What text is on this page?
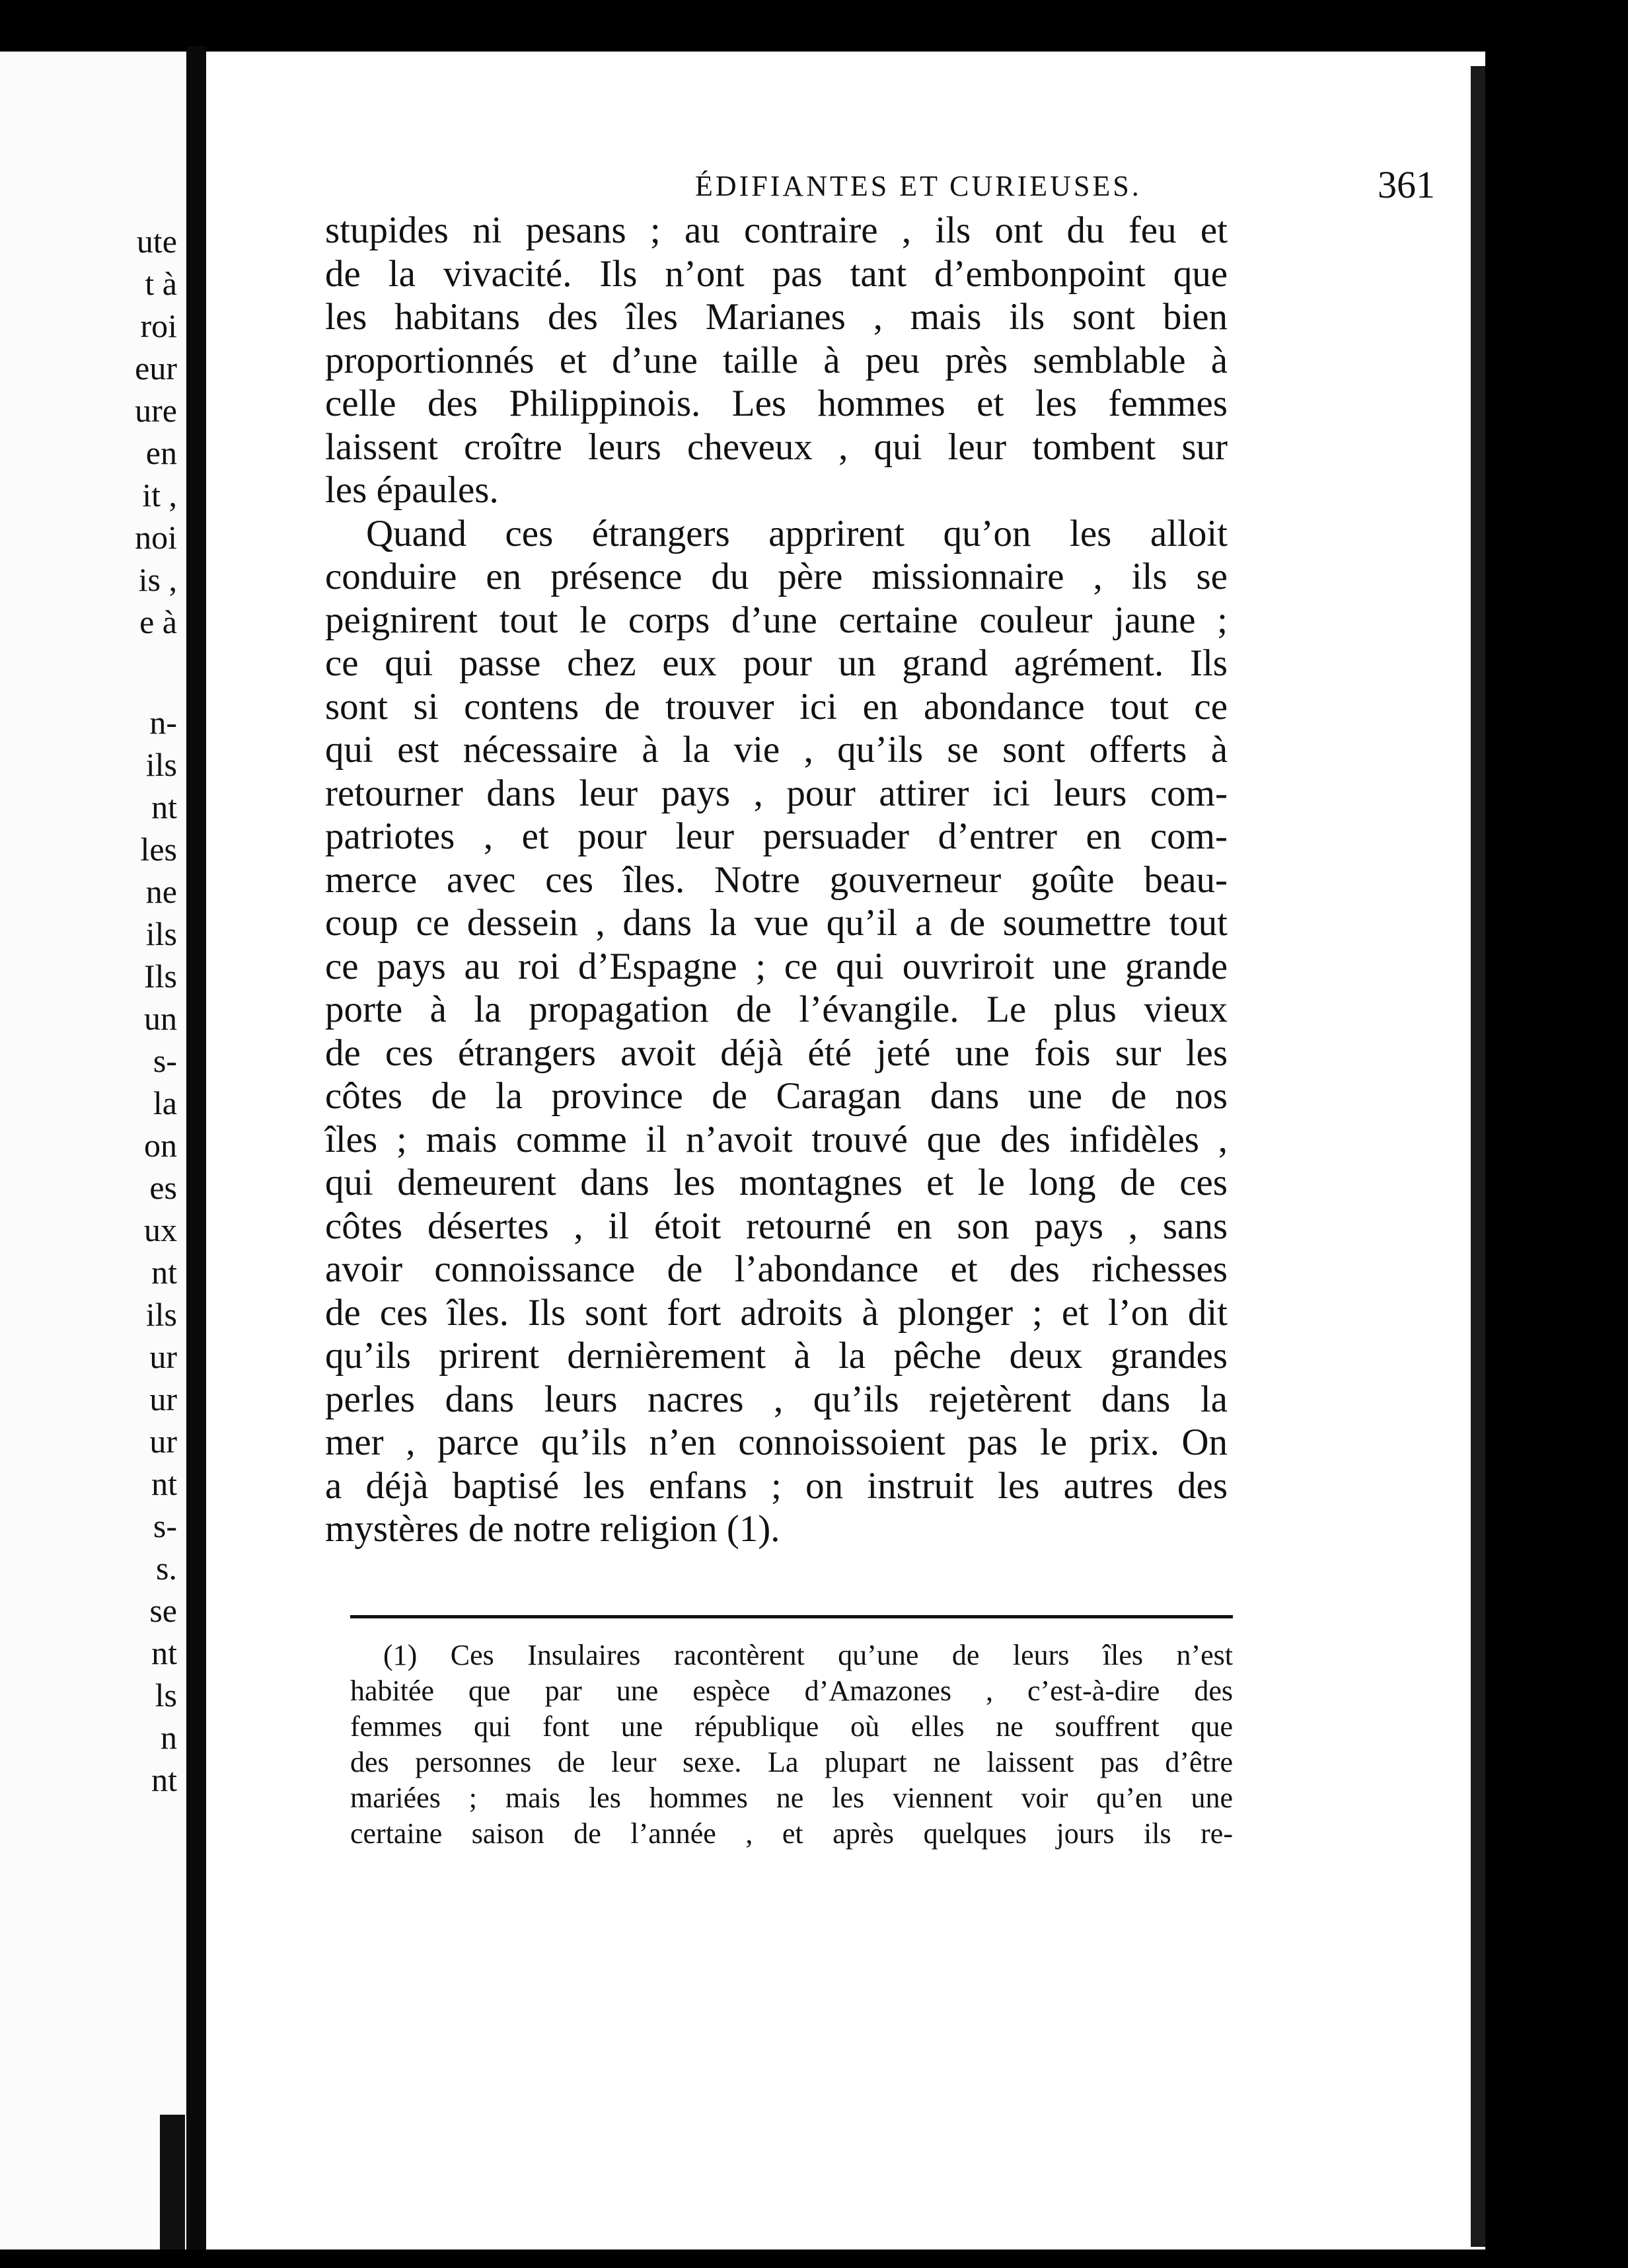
ute
t à
roi
eur
ure
en
it ,
noi
is ,
e à
n-
ils
nt
les
ne
ils
Ils
un
s-
la
on
es
ux
nt
ils
ur
ur
ur
nt
s-
s.
se
nt
ls
n
nt
ÉDIFIANTES ET CURIEUSES.	361
stupides ni pesans ; au contraire , ils ont du feu et
de la vivacité. Ils n’ont pas tant d’embonpoint que
les habitans des îles Marianes , mais ils sont bien
proportionnés et d’une taille à peu près semblable à
celle des Philippinois. Les hommes et les femmes
laissent croître leurs cheveux , qui leur tombent sur
les épaules.
Quand ces étrangers apprirent qu’on les alloit
conduire en présence du père missionnaire , ils se
peignirent tout le corps d’une certaine couleur jaune ;
ce qui passe chez eux pour un grand agrément. Ils
sont si contens de trouver ici en abondance tout ce
qui est nécessaire à la vie , qu’ils se sont offerts à
retourner dans leur pays , pour attirer ici leurs com-
patriotes , et pour leur persuader d’entrer en com-
merce avec ces îles. Notre gouverneur goûte beau-
coup ce dessein , dans la vue qu’il a de soumettre tout
ce pays au roi d’Espagne ; ce qui ouvriroit une grande
porte à la propagation de l’évangile. Le plus vieux
de ces étrangers avoit déjà été jeté une fois sur les
côtes de la province de Caragan dans une de nos
îles ; mais comme il n’avoit trouvé que des infidèles ,
qui demeurent dans les montagnes et le long de ces
côtes désertes , il étoit retourné en son pays , sans
avoir connoissance de l’abondance et des richesses
de ces îles. Ils sont fort adroits à plonger ; et l’on dit
qu’ils prirent dernièrement à la pêche deux grandes
perles dans leurs nacres , qu’ils rejetèrent dans la
mer , parce qu’ils n’en connoissoient pas le prix. On
a déjà baptisé les enfans ; on instruit les autres des
mystères de notre religion (1).
(1) Ces Insulaires racontèrent qu’une de leurs îles n’est
habitée que par une espèce d’Amazones , c’est-à-dire des
femmes qui font une république où elles ne souffrent que
des personnes de leur sexe. La plupart ne laissent pas d’être
mariées ; mais les hommes ne les viennent voir qu’en une
certaine saison de l’année , et après quelques jours ils re-
